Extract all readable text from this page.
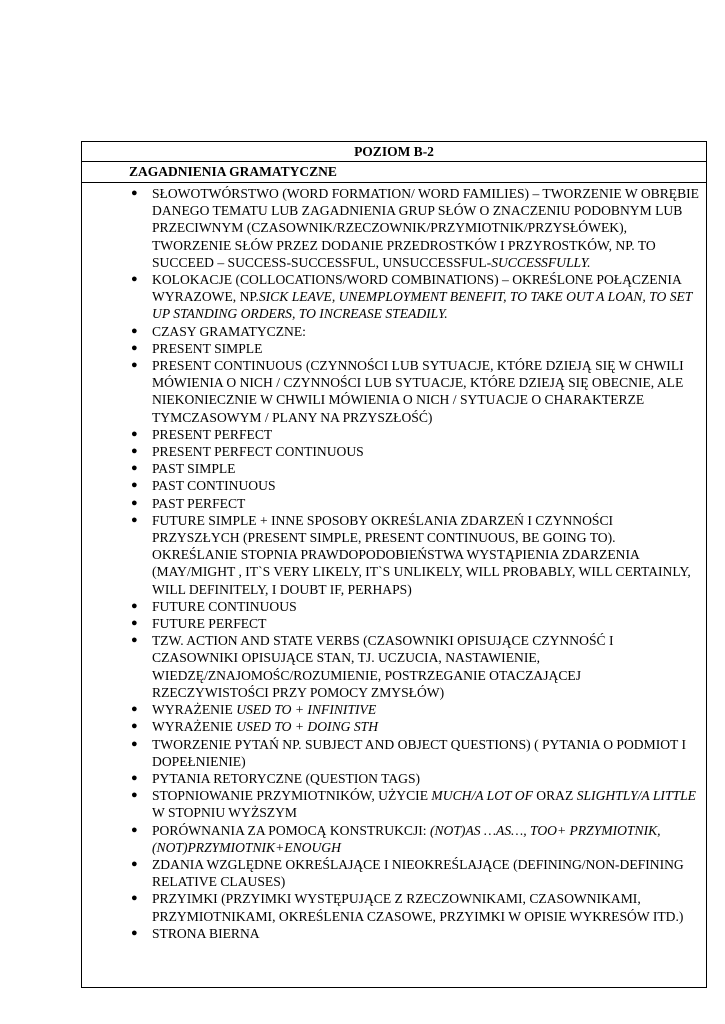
POZIOM B-2
ZAGADNIENIA GRAMATYCZNE
● SŁOWOTWÓRSTWO (WORD FORMATION/ WORD FAMILIES) – TWORZENIE W OBRĘBIE DANEGO TEMATU LUB ZAGADNIENIA GRUP SŁÓW O ZNACZENIU PODOBNYM LUB PRZECIWNYM (CZASOWNIK/RZECZOWNIK/PRZYMIOTNIK/PRZYSŁÓWEK), TWORZENIE SŁÓW PRZEZ DODANIE PRZEDROSTKÓW I PRZYROSTKÓW, NP. TO SUCCEED – SUCCESS-SUCCESSFUL, UNSUCCESSFUL-SUCCESSFULLY.
● KOLOKACJE (COLLOCATIONS/WORD COMBINATIONS) – OKREŚLONE POŁĄCZENIA WYRAZOWE, NP.SICK LEAVE, UNEMPLOYMENT BENEFIT, TO TAKE OUT A LOAN, TO SET UP STANDING ORDERS, TO INCREASE STEADILY.
● CZASY GRAMATYCZNE:
● PRESENT SIMPLE
● PRESENT CONTINUOUS (CZYNNOŚCI LUB SYTUACJE, KTÓRE DZIEJĄ SIĘ W CHWILI MÓWIENIA O NICH / CZYNNOŚCI LUB SYTUACJE, KTÓRE DZIEJĄ SIĘ OBECNIE, ALE NIEKONIECZNIE W CHWILI MÓWIENIA O NICH / SYTUACJE O CHARAKTERZE TYMCZASOWYM / PLANY NA PRZYSZŁOŚĆ)
● PRESENT PERFECT
● PRESENT PERFECT CONTINUOUS
● PAST SIMPLE
● PAST CONTINUOUS
● PAST PERFECT
● FUTURE SIMPLE + INNE SPOSOBY OKREŚLANIA ZDARZEŃ I CZYNNOŚCI PRZYSZŁYCH (PRESENT SIMPLE, PRESENT CONTINUOUS, BE GOING TO). OKREŚLANIE STOPNIA PRAWDOPODOBIEŃSTWA WYSTĄPIENIA ZDARZENIA (MAY/MIGHT , IT`S VERY LIKELY, IT`S UNLIKELY, WILL PROBABLY, WILL CERTAINLY, WILL DEFINITELY, I DOUBT IF, PERHAPS)
● FUTURE CONTINUOUS
● FUTURE PERFECT
● TZW. ACTION AND STATE VERBS (CZASOWNIKI OPISUJĄCE CZYNNOŚĆ I CZASOWNIKI OPISUJĄCE STAN, TJ. UCZUCIA, NASTAWIENIE, WIEDZĘ/ZNAJOMOŚC/ROZUMIENIE, POSTRZEGANIE OTACZAJĄCEJ RZECZYWISTOŚCI PRZY POMOCY ZMYSŁÓW)
● WYRAŻENIE USED TO + INFINITIVE
● WYRAŻENIE USED TO + DOING STH
● TWORZENIE PYTAŃ NP. SUBJECT AND OBJECT QUESTIONS) ( PYTANIA O PODMIOT I DOPEŁNIENIE)
● PYTANIA RETORYCZNE (QUESTION TAGS)
● STOPNIOWANIE PRZYMIOTNIKÓW, UŻYCIE MUCH/A LOT OF ORAZ SLIGHTLY/A LITTLE W STOPNIU WYŻSZYM
● PORÓWNANIA ZA POMOCĄ KONSTRUKCJI: (NOT)AS …AS…, TOO+ PRZYMIOTNIK, (NOT)PRZYMIOTNIK+ENOUGH
● ZDANIA WZGLĘDNE OKREŚLAJĄCE I NIEOKREŚLAJĄCE (DEFINING/NON-DEFINING RELATIVE CLAUSES)
● PRZYIMKI (PRZYIMKI WYSTĘPUJĄCE Z RZECZOWNIKAMI, CZASOWNIKAMI, PRZYMIOTNIKAMI, OKREŚLENIA CZASOWE, PRZYIMKI W OPISIE WYKRESÓW ITD.)
● STRONA BIERNA
